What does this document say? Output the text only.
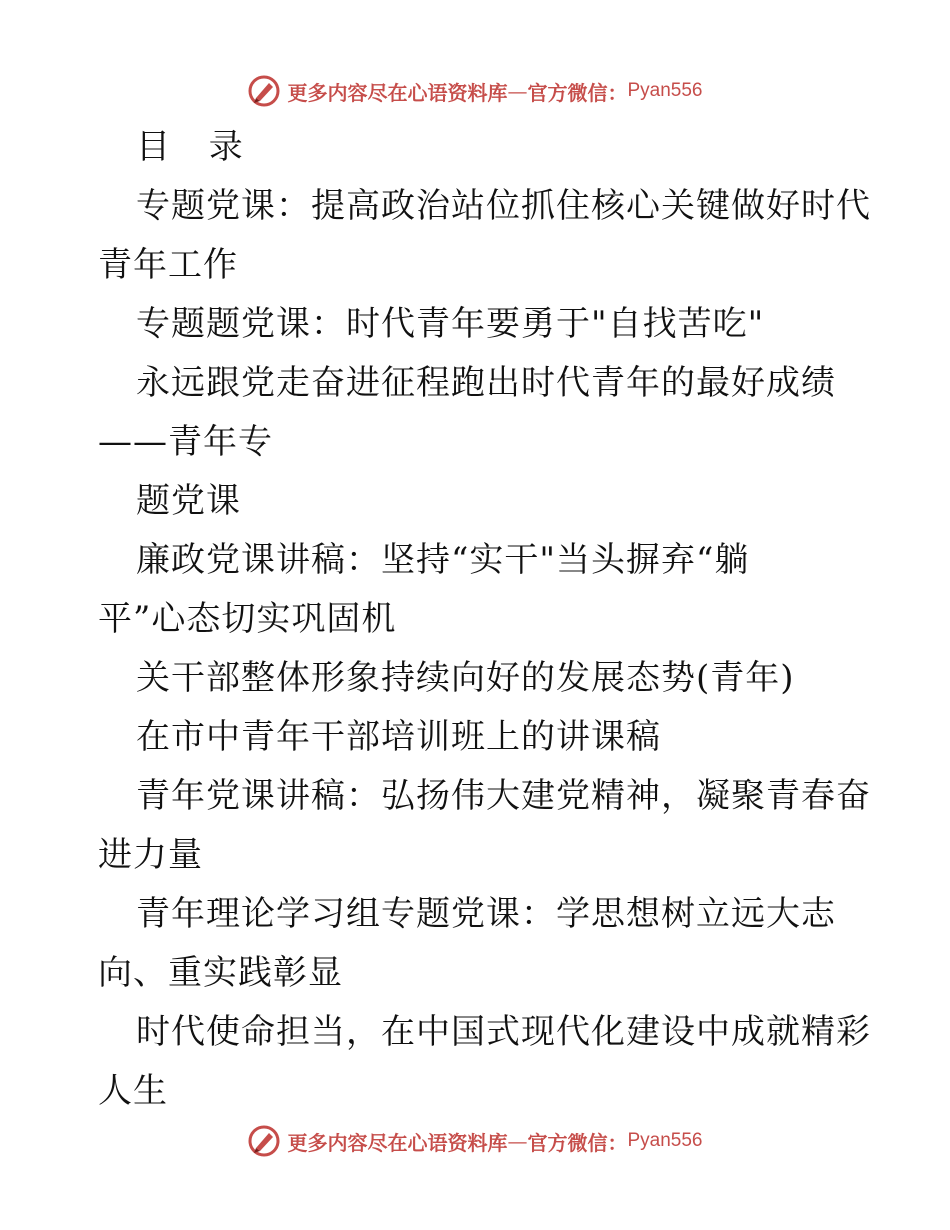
更多内容尽在心语资料库 — 官方微信： Pyan556
目 录
专题党课：提高政治站位抓住核心关键做好时代
青年工作
专题题党课：时代青年要勇于"自找苦吃"
永远跟党走奋进征程跑出时代青年的最好成绩
——青年专
题党课
廉政党课讲稿：坚持“实干"当头摒弃“躺
平”心态切实巩固机
关干部整体形象持续向好的发展态势(青年)
在市中青年干部培训班上的讲课稿
青年党课讲稿：弘扬伟大建党精神，凝聚青春奋
进力量
青年理论学习组专题党课：学思想树立远大志
向、重实践彰显
时代使命担当，在中国式现代化建设中成就精彩
人生
更多内容尽在心语资料库 — 官方微信： Pyan556
